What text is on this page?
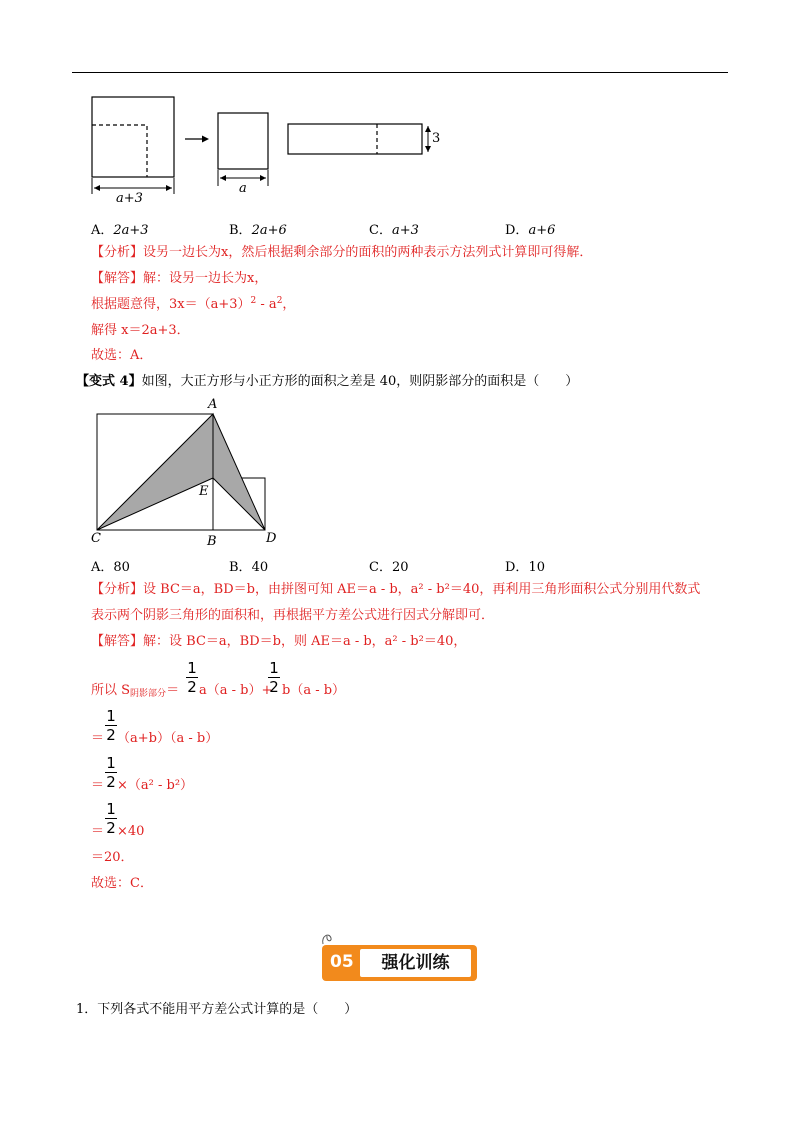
a+3
a
3
A．2a+3	B．2a+6	C．a+3	D．a+6
【分析】设另一边长为x，然后根据剩余部分的面积的两种表示方法列式计算即可得解．
【解答】解：设另一边长为x，
根据题意得，$3x=(a+3)^2 - a^2$，
解得 x＝2a+3．
故选：A．
【变式 4】如图，大正方形与小正方形的面积之差是 40，则阴影部分的面积是（　　）
A
E
C	B	D
A．80	B．40	C．20	D．10
【分析】设 BC＝a，BD＝b，由拼图可知 AE＝a - b，a² - b²＝40，再利用三角形面积公式分别用代数式
表示两个阴影三角形的面积和，再根据平方差公式进行因式分解即可．
【解答】解：设 BC＝a，BD＝b，则 AE＝a - b，a² - b²＝40，
所以 $S_{阴影部分}=$
1
2 a（a - b）+
1
2 b（a - b）
＝
1
2 （a+b）（a - b）
＝
1
2 ×（a² - b²）
＝
1
2 ×40
＝20．
故选：C．
05	强化训练
1．下列各式不能用平方差公式计算的是（　　）
